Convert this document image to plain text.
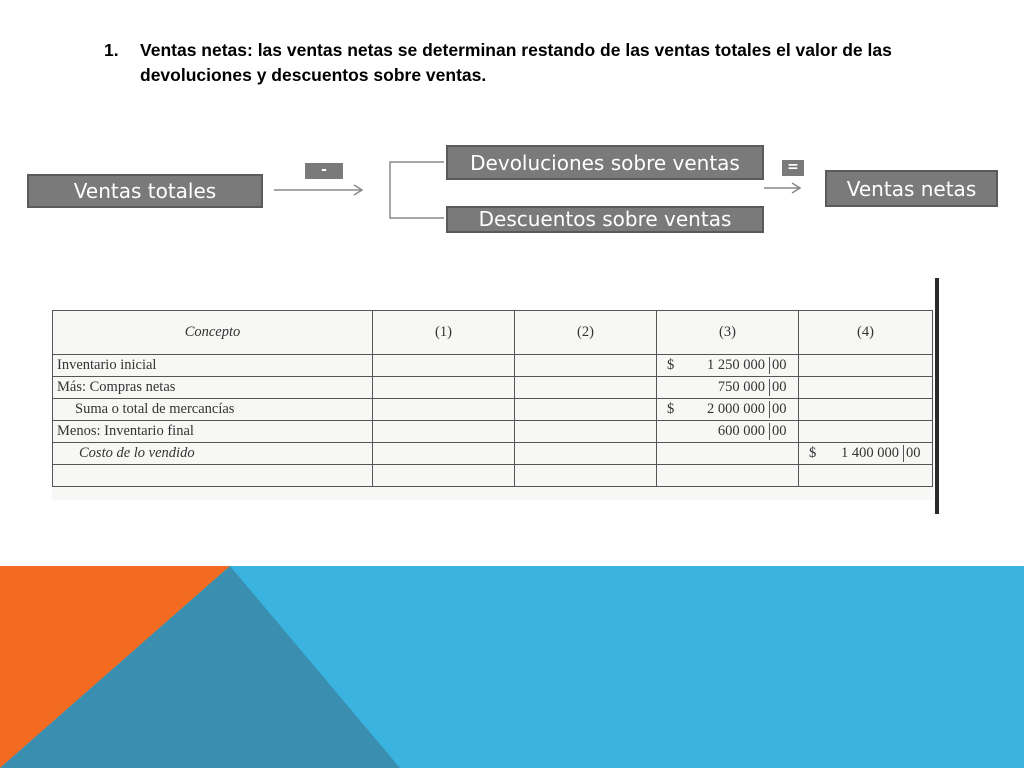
1.	Ventas netas: las ventas netas se determinan restando de las ventas totales el valor de las devoluciones y descuentos sobre ventas.
Ventas totales
-	Devoluciones sobre ventas
Descuentos sobre ventas
=
Ventas netas
Concepto	(1)	(2)	(3)	(4)
Inventario inicial			$ 1 250 000 00	
Más: Compras netas			750 000 00	
Suma o total de mercancías			$ 2 000 000 00	
Menos: Inventario final			600 000 00	
Costo de lo vendido				$ 1 400 000 00
